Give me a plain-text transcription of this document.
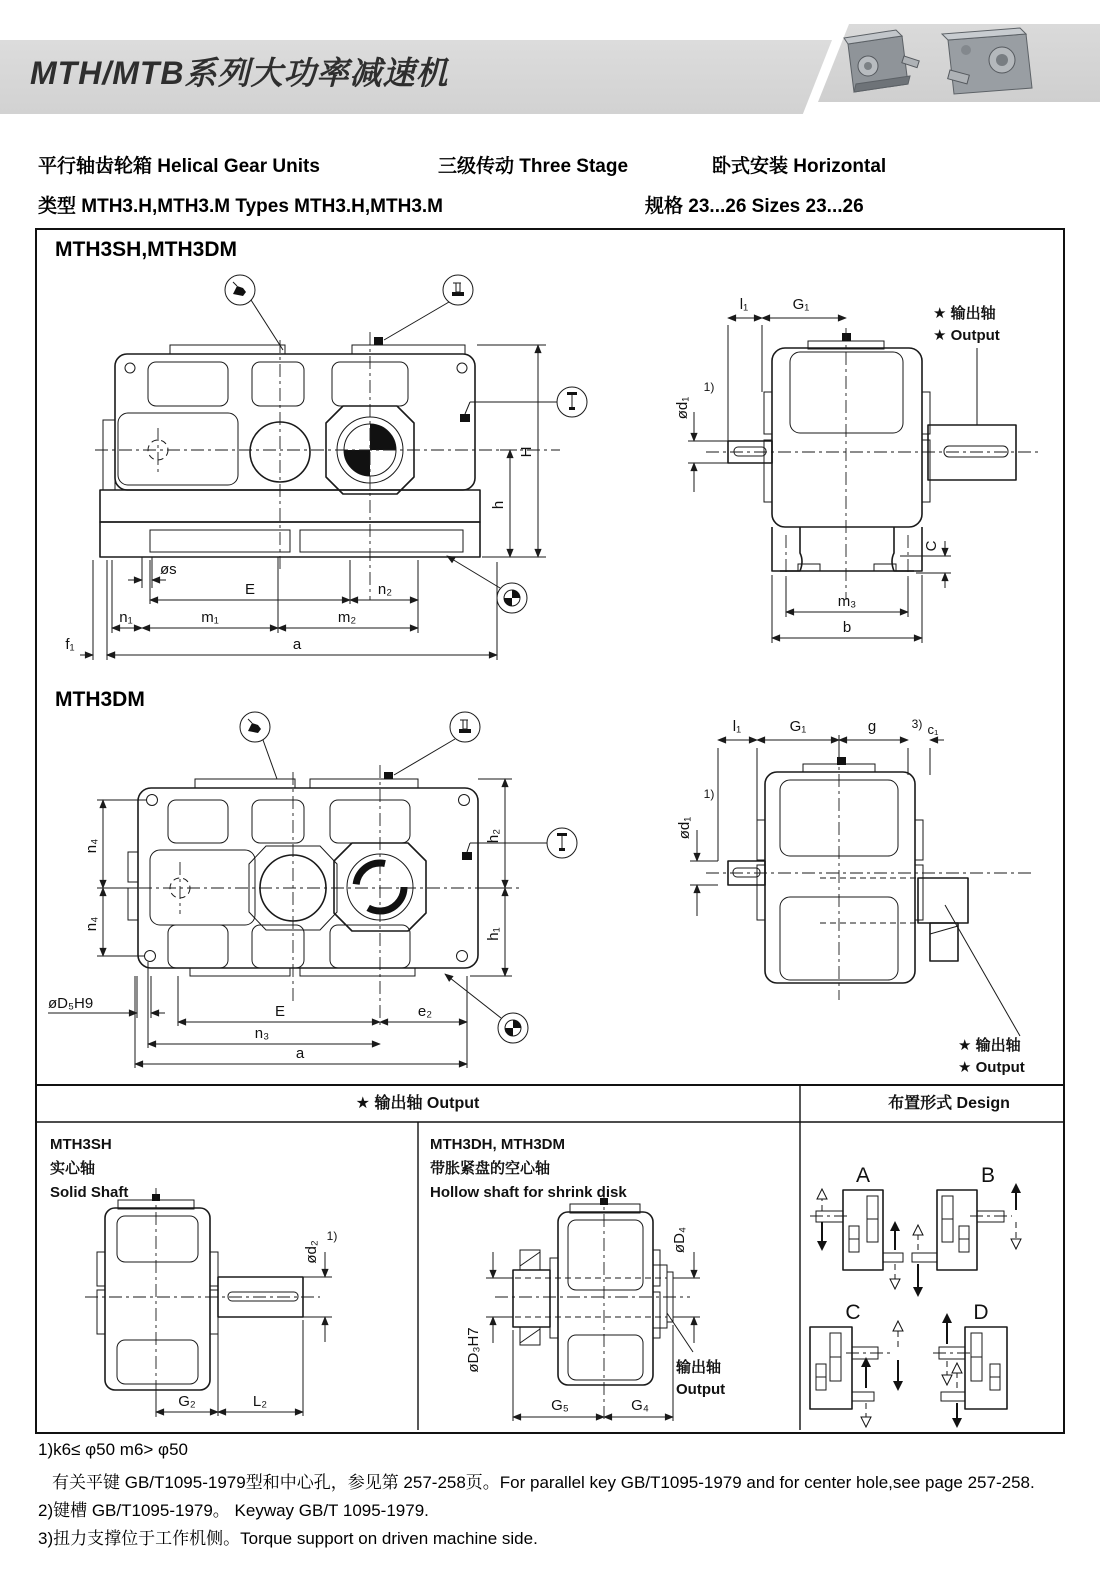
MTH/MTB系列大功率减速机
平行轴齿轮箱 Helical Gear Units	三级传动 Three Stage	卧式安装 Horizontal
类型 MTH3.H,MTH3.M Types MTH3.H,MTH3.M	规格 23...26 Sizes 23...26
MTH3SH,MTH3DM
MTH3DM
H
h
øs
E	n₂
n₁	m₁	m₂
f₁	a
l₁	G₁
ød₁
1)
C
m₃
b
★ 输出轴
★ Output
n₄
n₄
h₂
h₁
øD₅H9	E	e₂
n₃
a
l₁	G₁	g	3) c₁
ød₁
1)
★ 输出轴
★ Output
ød₂
1)
G₂	L₂
øD₃H7
øD₄
G₅	G₄
输出轴
Output
A	B
C	D
★ 输出轴 Output	布置形式 Design
MTH3SH
实心轴
Solid Shaft
MTH3DH, MTH3DM
带胀紧盘的空心轴
Hollow shaft for shrink disk
1)k6≤ φ50 m6> φ50
有关平键 GB/T1095-1979型和中心孔，参见第 257-258页。For parallel key GB/T1095-1979 and for center hole,see page 257-258.
2)键槽 GB/T1095-1979。 Keyway GB/T 1095-1979.
3)扭力支撑位于工作机侧。Torque support on driven machine side.
